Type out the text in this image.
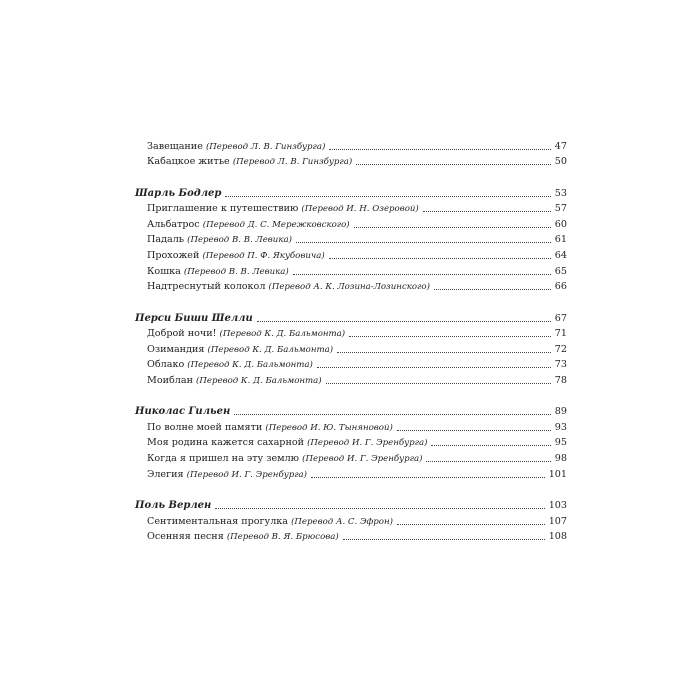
Завещание (Перевод Л. В. Гинзбурга)	47
Кабацкое житье (Перевод Л. В. Гинзбурга)	50
Шарль Бодлер	53
Приглашение к путешествию (Перевод И. Н. Озеровой)	57
Альбатрос (Перевод Д. С. Мережковского)	60
Падаль (Перевод В. В. Левика)	61
Прохожей (Перевод П. Ф. Якубовича)	64
Кошка (Перевод В. В. Левика)	65
Надтреснутый колокол (Перевод А. К. Лозина-Лозинского)	66
Перси Биши Шелли	67
Доброй ночи! (Перевод К. Д. Бальмонта)	71
Озимандия (Перевод К. Д. Бальмонта)	72
Облако (Перевод К. Д. Бальмонта)	73
Моиблан (Перевод К. Д. Бальмонта)	78
Николас Гильен	89
По волне моей памяти (Перевод И. Ю. Тыняновой)	93
Моя родина кажется сахарной (Перевод И. Г. Эренбурга)	95
Когда я пришел на эту землю (Перевод И. Г. Эренбурга)	98
Элегия (Перевод И. Г. Эренбурга)	101
Поль Верлен	103
Сентиментальная прогулка (Перевод А. С. Эфрон)	107
Осенняя песня (Перевод В. Я. Брюсова)	108
